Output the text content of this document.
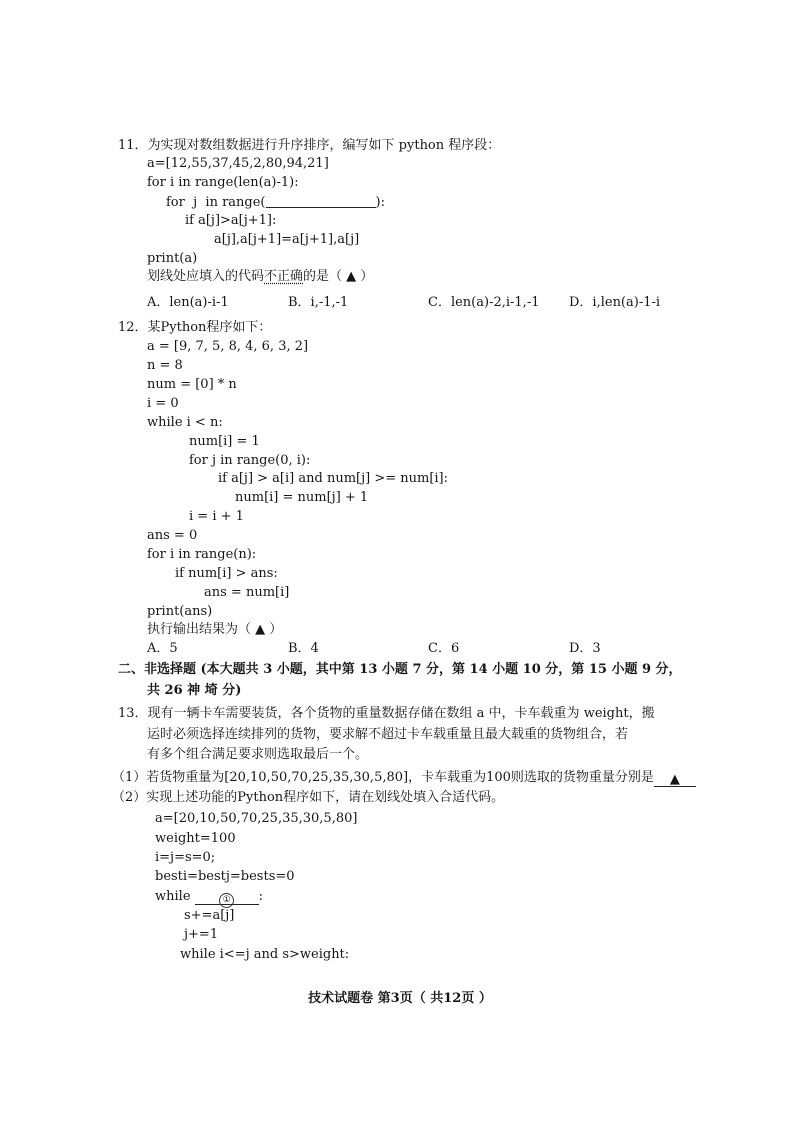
11．为实现对数组数据进行升序排序，编写如下 python 程序段：
a=[12,55,37,45,2,80,94,21]
for i in range(len(a)-1):
for  j  in range(	):
if a[j]>a[j+1]:
a[j],a[j+1]=a[j+1],a[j]
print(a)
划线处应填入的代码不正确的是（ ▲ ）
A．len(a)-i-1	B．i,-1,-1	C．len(a)-2,i-1,-1 D．i,len(a)-1-i
12．某Python程序如下：
a = [9, 7, 5, 8, 4, 6, 3, 2]
n = 8
num = [0] * n
i = 0
while i < n:
num[i] = 1
for j in range(0, i):
if a[j] > a[i] and num[j] >= num[i]:
num[i] = num[j] + 1
i = i + 1
ans = 0
for i in range(n):
if num[i] > ans:
ans = num[i]
print(ans)
执行输出结果为（ ▲ ）
A．5	B．4	C．6	D．3
二、非选择题 (本大题共 3 小题，其中第 13 小题 7 分，第 14 小题 10 分，第 15 小题 9 分，
共 26 神 埼 分)
13．现有一辆卡车需要装货，各个货物的重量数据存储在数组 a 中，卡车载重为 weight，搬
运时必须选择连续排列的货物，要求解不超过卡车载重量且最大载重的货物组合，若
有多个组合满足要求则选取最后一个。
（1）若货物重量为[20,10,50,70,25,35,30,5,80]，卡车载重为100则选取的货物重量分别是 ▲
（2）实现上述功能的Python程序如下，请在划线处填入合适代码。
a=[20,10,50,70,25,35,30,5,80]
weight=100
i=j=s=0;
besti=bestj=bests=0
while	① :
s+=a[j]
j+=1
while i<=j and s>weight:
技术试题卷 第3页（ 共12页 ）
